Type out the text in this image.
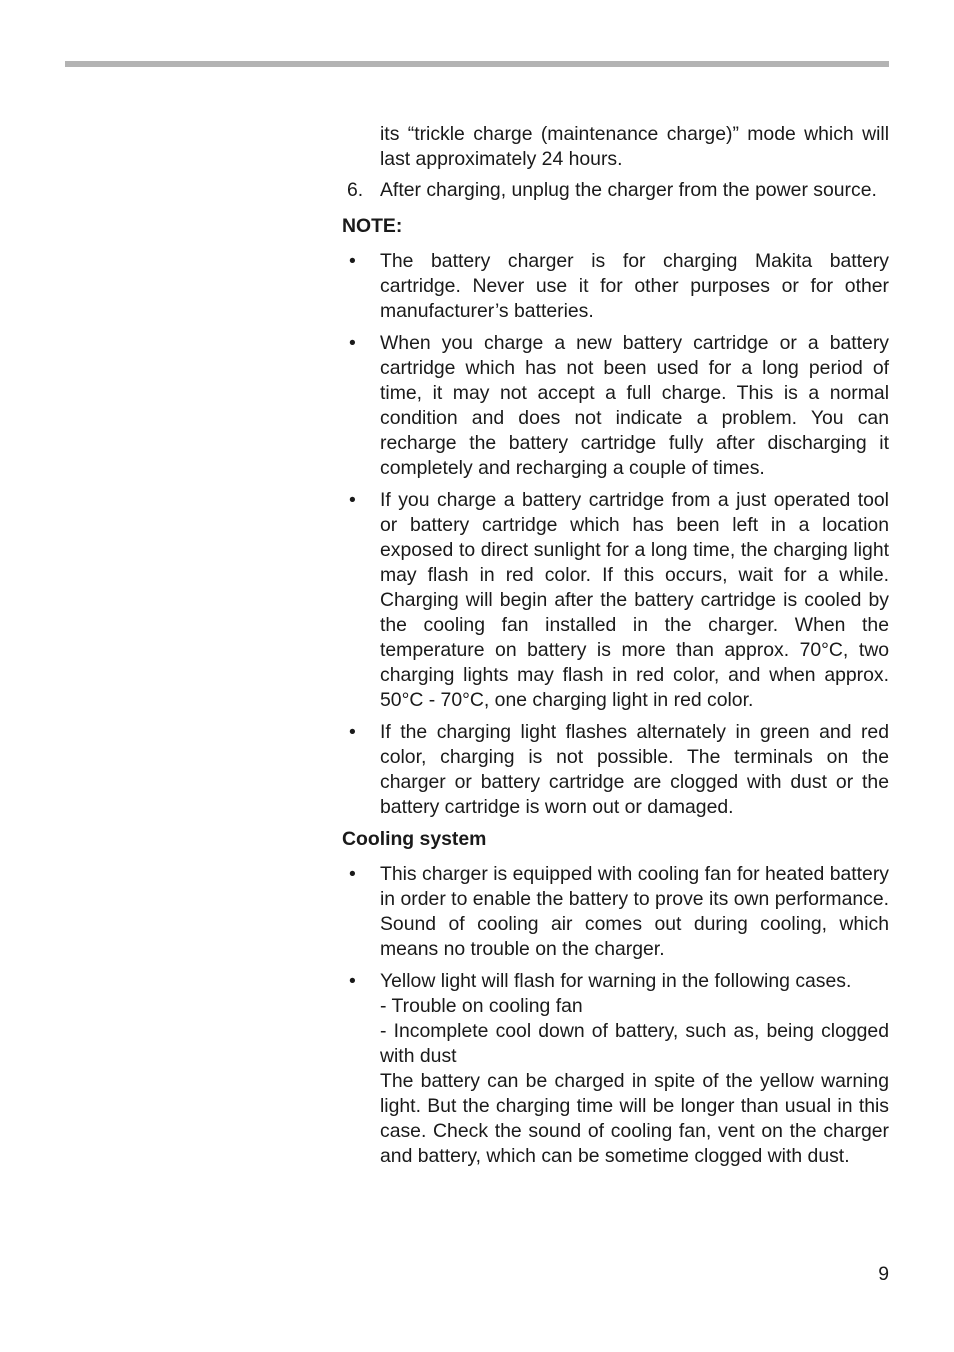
its “trickle charge (maintenance charge)” mode which will last approximately 24 hours.

6. After charging, unplug the charger from the power source.

NOTE:
• The battery charger is for charging Makita battery cartridge. Never use it for other purposes or for other manufacturer’s batteries.

• When you charge a new battery cartridge or a battery cartridge which has not been used for a long period of time, it may not accept a full charge. This is a normal condition and does not indicate a problem. You can recharge the battery cartridge fully after discharging it completely and recharging a couple of times.

• If you charge a battery cartridge from a just operated tool or battery cartridge which has been left in a location exposed to direct sunlight for a long time, the charging light may flash in red color. If this occurs, wait for a while. Charging will begin after the battery cartridge is cooled by the cooling fan installed in the charger. When the temperature on battery is more than approx. 70°C, two charging lights may flash in red color, and when approx. 50°C - 70°C, one charging light in red color.

• If the charging light flashes alternately in green and red color, charging is not possible. The terminals on the charger or battery cartridge are clogged with dust or the battery cartridge is worn out or damaged.

Cooling system
• This charger is equipped with cooling fan for heated battery in order to enable the battery to prove its own performance. Sound of cooling air comes out during cooling, which means no trouble on the charger.

• Yellow light will flash for warning in the following cases.
- Trouble on cooling fan

- Incomplete cool down of battery, such as, being clogged with dust

The battery can be charged in spite of the yellow warning light. But the charging time will be longer than usual in this case. Check the sound of cooling fan, vent on the charger and battery, which can be sometime clogged with dust.

9
